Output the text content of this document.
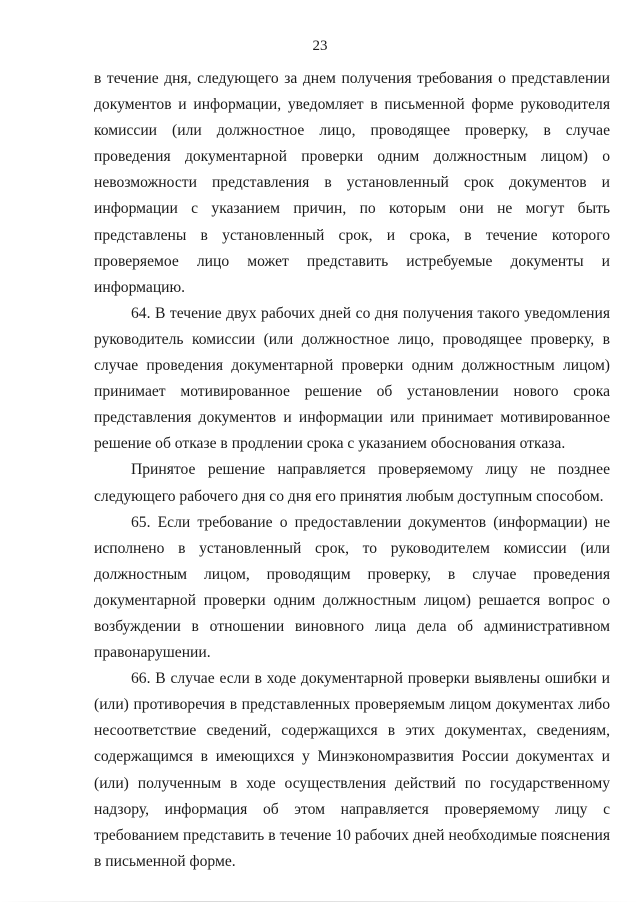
23

в течение дня, следующего за днем получения требования о представлении документов и информации, уведомляет в письменной форме руководителя комиссии (или должностное лицо, проводящее проверку, в случае проведения документарной проверки одним должностным лицом) о невозможности представления в установленный срок документов и информации с указанием причин, по которым они не могут быть представлены в установленный срок, и срока, в течение которого проверяемое лицо может представить истребуемые документы и информацию.

64. В течение двух рабочих дней со дня получения такого уведомления руководитель комиссии (или должностное лицо, проводящее проверку, в случае проведения документарной проверки одним должностным лицом) принимает мотивированное решение об установлении нового срока представления документов и информации или принимает мотивированное решение об отказе в продлении срока с указанием обоснования отказа.

Принятое решение направляется проверяемому лицу не позднее следующего рабочего дня со дня его принятия любым доступным способом.

65. Если требование о предоставлении документов (информации) не исполнено в установленный срок, то руководителем комиссии (или должностным лицом, проводящим проверку, в случае проведения документарной проверки одним должностным лицом) решается вопрос о возбуждении в отношении виновного лица дела об административном правонарушении.

66. В случае если в ходе документарной проверки выявлены ошибки и (или) противоречия в представленных проверяемым лицом документах либо несоответствие сведений, содержащихся в этих документах, сведениям, содержащимся в имеющихся у Минэкономразвития России документах и (или) полученным в ходе осуществления действий по государственному надзору, информация об этом направляется проверяемому лицу с требованием представить в течение 10 рабочих дней необходимые пояснения в письменной форме.
